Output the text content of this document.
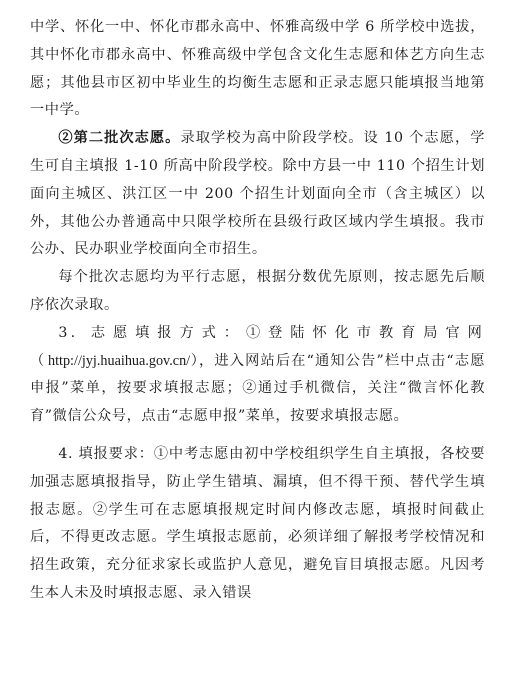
中学、怀化一中、怀化市郡永高中、怀雅高级中学 6 所学校中选拔，其中怀化市郡永高中、怀雅高级中学包含文化生志愿和体艺方向生志愿；其他县市区初中毕业生的均衡生志愿和正录志愿只能填报当地第一中学。

②第二批次志愿。录取学校为高中阶段学校。设 10 个志愿，学生可自主填报 1-10 所高中阶段学校。除中方县一中 110 个招生计划面向主城区、洪江区一中 200 个招生计划面向全市（含主城区）以外，其他公办普通高中只限学校所在县级行政区域内学生填报。我市公办、民办职业学校面向全市招生。

每个批次志愿均为平行志愿，根据分数优先原则，按志愿先后顺序依次录取。

3. 志愿填报方式：①登陆怀化市教育局官网（http://jyj.huaihua.gov.cn/），进入网站后在“通知公告”栏中点击“志愿申报”菜单，按要求填报志愿；②通过手机微信，关注“微言怀化教育”微信公众号，点击“志愿申报”菜单，按要求填报志愿。

4. 填报要求：①中考志愿由初中学校组织学生自主填报，各校要加强志愿填报指导，防止学生错填、漏填，但不得干预、替代学生填报志愿。②学生可在志愿填报规定时间内修改志愿，填报时间截止后，不得更改志愿。学生填报志愿前，必须详细了解报考学校情况和招生政策，充分征求家长或监护人意见，避免盲目填报志愿。凡因考生本人未及时填报志愿、录入错误
